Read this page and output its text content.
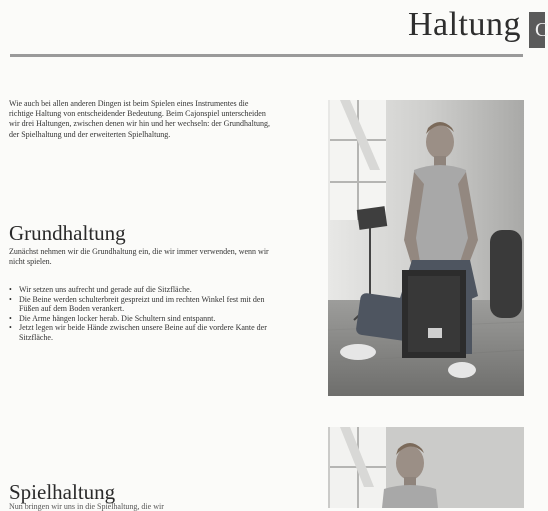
Haltung C
Wie auch bei allen anderen Dingen ist beim Spielen eines Instrumentes die richtige Haltung von entscheidender Bedeutung. Beim Cajonspiel unterscheiden wir drei Haltungen, zwischen denen wir hin und her wechseln: der Grundhaltung, der Spielhaltung und der erweiterten Spielhaltung.
Grundhaltung
Zunächst nehmen wir die Grundhaltung ein, die wir immer verwenden, wenn wir nicht spielen.
• Wir setzen uns aufrecht und gerade auf die Sitzfläche.
• Die Beine werden schulterbreit gespreizt und im rechten Winkel fest mit den Füßen auf dem Boden verankert.
• Die Arme hängen locker herab. Die Schultern sind entspannt.
• Jetzt legen wir beide Hände zwischen unsere Beine auf die vordere Kante der Sitzfläche.
Spielhaltung
Nun bringen wir uns in die Spielhaltung, die wir
